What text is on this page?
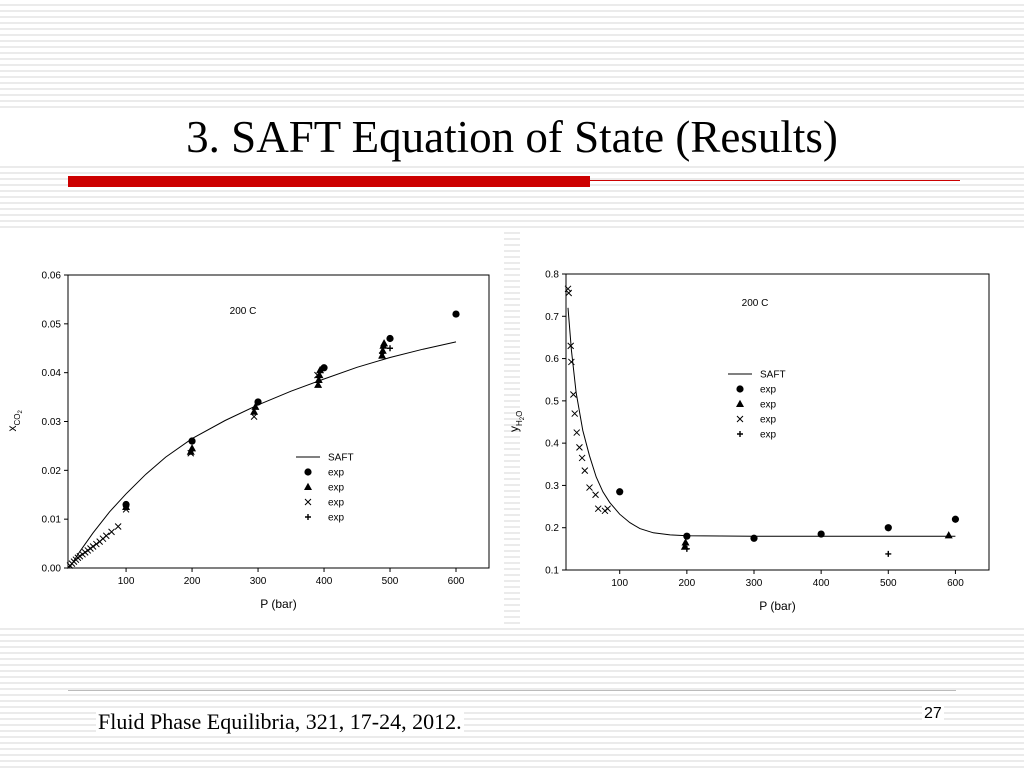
3. SAFT Equation of State (Results)
100	200	300	400	500	600
0.00
0.01
0.02
0.03
0.04
0.05
0.06
P (bar)
$x_{CO}2$
200 C
SAFT
exp
exp
exp
exp
100	200	300	400	500	600
0.1
0.2
0.3
0.4
0.5
0.6
0.7
0.8
P (bar)
$y_H2O$
200 C
SAFT
exp
exp
exp
exp
Fluid Phase Equilibria, 321, 17-24, 2012.	27
